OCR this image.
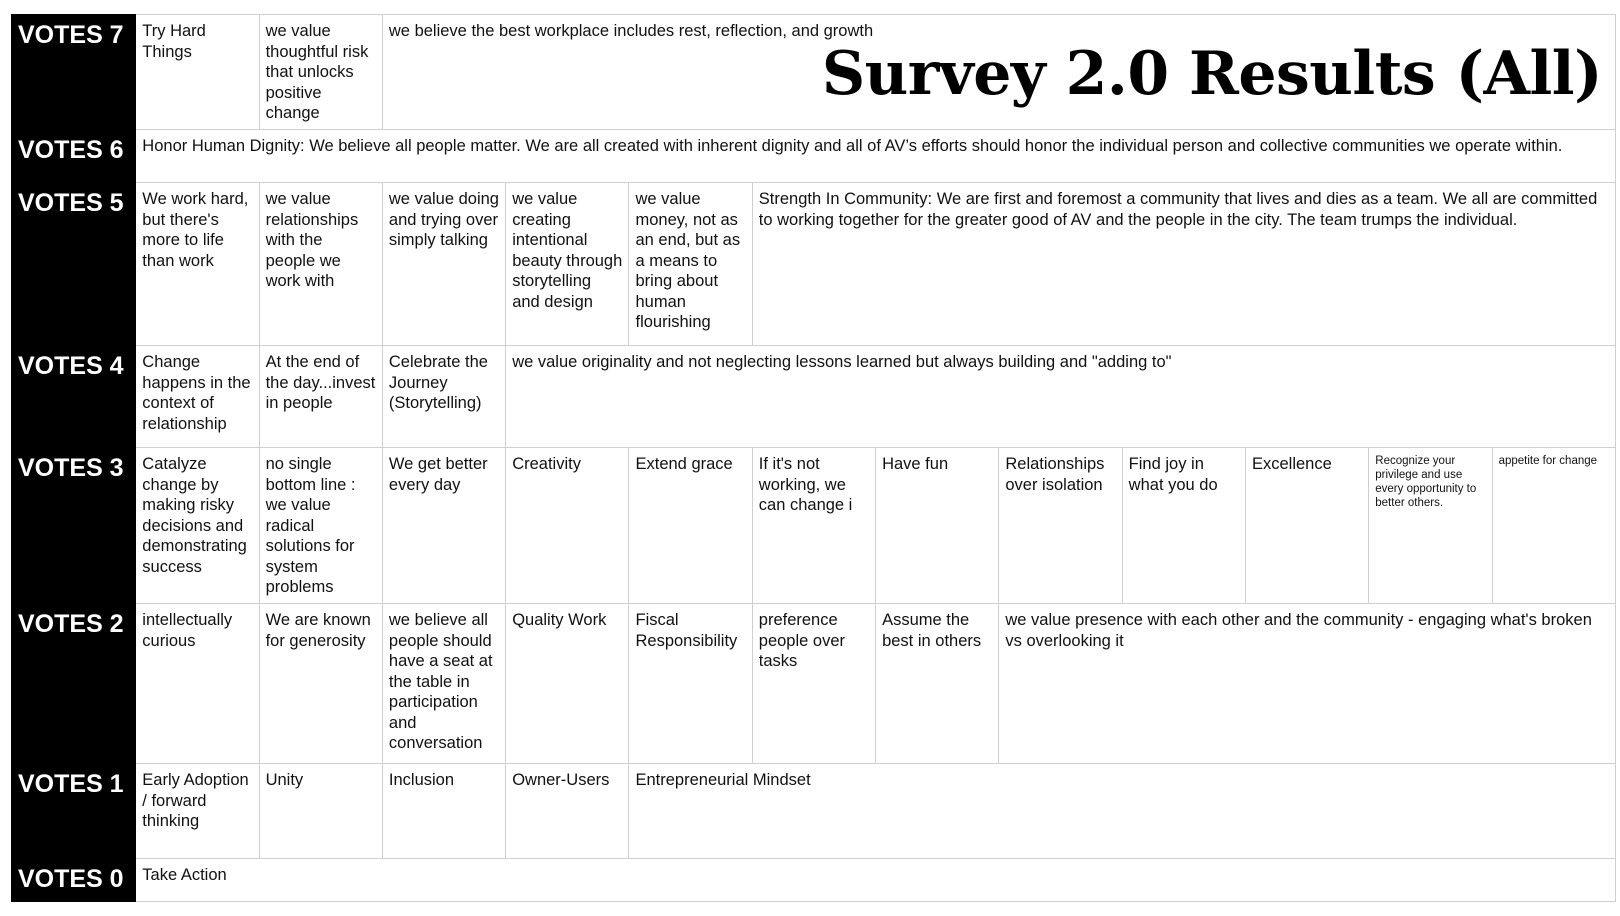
VOTES 7	Try Hard Things	we value thoughtful risk that unlocks positive change	we believe the best workplace includes rest, reflection, and growth									
VOTES 6	Honor Human Dignity: We believe all people matter. We are all created with inherent dignity and all of AV’s efforts should honor the individual person and collective communities we operate within.											
VOTES 5	We work hard, but there's more to life than work	we value relationships with the people we work with	we value doing and trying over simply talking	we value creating intentional beauty through storytelling and design	we value money, not as an end, but as a means to bring about human flourishing	Strength In Community: We are first and foremost a community that lives and dies as a team. We all are committed to working together for the greater good of AV and the people in the city. The team trumps the individual.						
VOTES 4	Change happens in the context of relationship	At the end of the day...invest in people	Celebrate the Journey (Storytelling)	we value originality and not neglecting lessons learned but always building and "adding to"								
VOTES 3	Catalyze change by making risky decisions and demonstrating success	no single bottom line : we value radical solutions for system problems	We get better every day	Creativity	Extend grace	If it's not working, we can change i	Have fun	Relationships over isolation	Find joy in what you do	Excellence	Recognize your privilege and use every opportunity to better others.	appetite for change
VOTES 2	intellectually curious	We are known for generosity	we believe all people should have a seat at the table in participation and conversation	Quality Work	Fiscal Responsibility	preference people over tasks	Assume the best in others	we value presence with each other and the community - engaging what's broken vs overlooking it				
VOTES 1	Early Adoption / forward thinking	Unity	Inclusion	Owner-Users	Entrepreneurial Mindset							
VOTES 0	Take Action											
Survey 2.0 Results (All)
